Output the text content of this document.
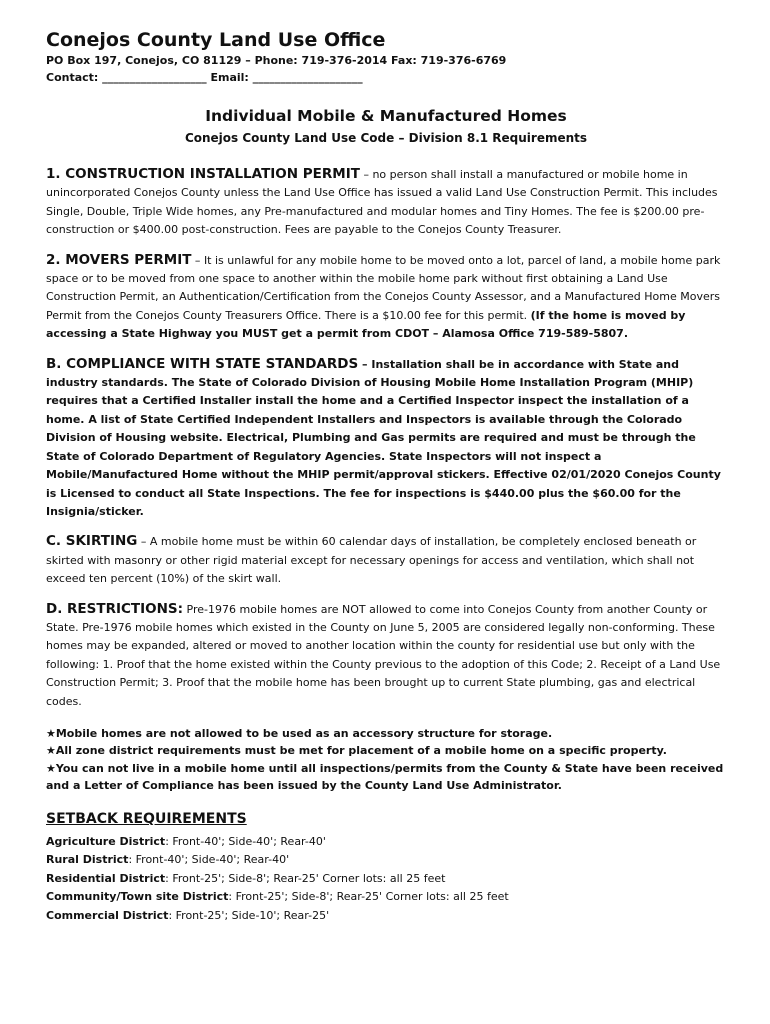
Conejos County Land Use Office
PO Box 197, Conejos, CO 81129 – Phone: 719-376-2014 Fax: 719-376-6769
Contact: ___________________ Email: ____________________
Individual Mobile & Manufactured Homes
Conejos County Land Use Code – Division 8.1 Requirements
1. CONSTRUCTION INSTALLATION PERMIT – no person shall install a manufactured or mobile home in unincorporated Conejos County unless the Land Use Office has issued a valid Land Use Construction Permit. This includes Single, Double, Triple Wide homes, any Pre-manufactured and modular homes and Tiny Homes. The fee is $200.00 pre-construction or $400.00 post-construction. Fees are payable to the Conejos County Treasurer.
2. MOVERS PERMIT – It is unlawful for any mobile home to be moved onto a lot, parcel of land, a mobile home park space or to be moved from one space to another within the mobile home park without first obtaining a Land Use Construction Permit, an Authentication/Certification from the Conejos County Assessor, and a Manufactured Home Movers Permit from the Conejos County Treasurers Office. There is a $10.00 fee for this permit. (If the home is moved by accessing a State Highway you MUST get a permit from CDOT – Alamosa Office 719-589-5807.
B. COMPLIANCE WITH STATE STANDARDS – Installation shall be in accordance with State and industry standards. The State of Colorado Division of Housing Mobile Home Installation Program (MHIP) requires that a Certified Installer install the home and a Certified Inspector inspect the installation of a home. A list of State Certified Independent Installers and Inspectors is available through the Colorado Division of Housing website. Electrical, Plumbing and Gas permits are required and must be through the State of Colorado Department of Regulatory Agencies. State Inspectors will not inspect a Mobile/Manufactured Home without the MHIP permit/approval stickers. Effective 02/01/2020 Conejos County is Licensed to conduct all State Inspections. The fee for inspections is $440.00 plus the $60.00 for the Insignia/sticker.
C. SKIRTING – A mobile home must be within 60 calendar days of installation, be completely enclosed beneath or skirted with masonry or other rigid material except for necessary openings for access and ventilation, which shall not exceed ten percent (10%) of the skirt wall.
D. RESTRICTIONS: Pre-1976 mobile homes are NOT allowed to come into Conejos County from another County or State. Pre-1976 mobile homes which existed in the County on June 5, 2005 are considered legally non-conforming. These homes may be expanded, altered or moved to another location within the county for residential use but only with the following: 1. Proof that the home existed within the County previous to the adoption of this Code; 2. Receipt of a Land Use Construction Permit; 3. Proof that the mobile home has been brought up to current State plumbing, gas and electrical codes.
★Mobile homes are not allowed to be used as an accessory structure for storage.
★All zone district requirements must be met for placement of a mobile home on a specific property.
★You can not live in a mobile home until all inspections/permits from the County & State have been received and a Letter of Compliance has been issued by the County Land Use Administrator.
SETBACK REQUIREMENTS
Agriculture District: Front-40'; Side-40'; Rear-40'
Rural District: Front-40'; Side-40'; Rear-40'
Residential District: Front-25'; Side-8'; Rear-25' Corner lots: all 25 feet
Community/Town site District: Front-25'; Side-8'; Rear-25' Corner lots: all 25 feet
Commercial District: Front-25'; Side-10'; Rear-25'
